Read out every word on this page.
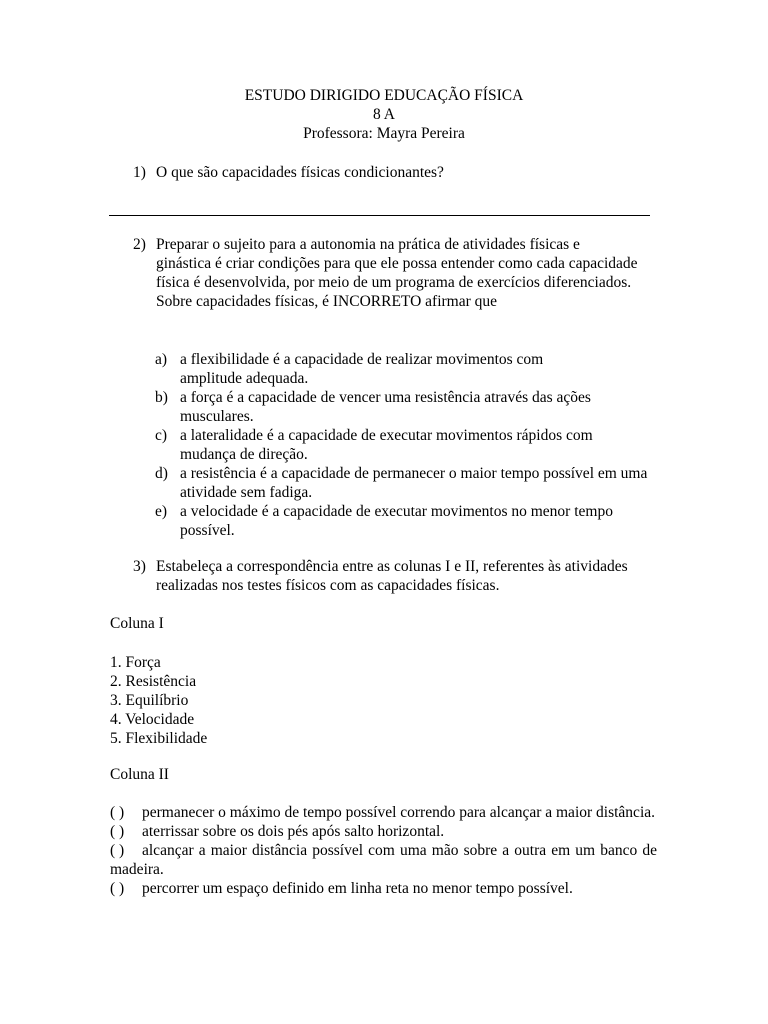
ESTUDO DIRIGIDO EDUCAÇÃO FÍSICA
8 A
Professora: Mayra Pereira
1) O que são capacidades físicas condicionantes?
2) Preparar o sujeito para a autonomia na prática de atividades físicas e ginástica é criar condições para que ele possa entender como cada capacidade física é desenvolvida, por meio de um programa de exercícios diferenciados. Sobre capacidades físicas, é INCORRETO afirmar que
a) a flexibilidade é a capacidade de realizar movimentos com amplitude adequada.
b) a força é a capacidade de vencer uma resistência através das ações musculares.
c) a lateralidade é a capacidade de executar movimentos rápidos com mudança de direção.
d) a resistência é a capacidade de permanecer o maior tempo possível em uma atividade sem fadiga.
e) a velocidade é a capacidade de executar movimentos no menor tempo possível.
3) Estabeleça a correspondência entre as colunas I e II, referentes às atividades realizadas nos testes físicos com as capacidades físicas.
Coluna I
1. Força
2. Resistência
3. Equilíbrio
4. Velocidade
5. Flexibilidade
Coluna II
( ) permanecer o máximo de tempo possível correndo para alcançar a maior distância.
( ) aterrissar sobre os dois pés após salto horizontal.
( ) alcançar a maior distância possível com uma mão sobre a outra em um banco de madeira.
( ) percorrer um espaço definido em linha reta no menor tempo possível.
